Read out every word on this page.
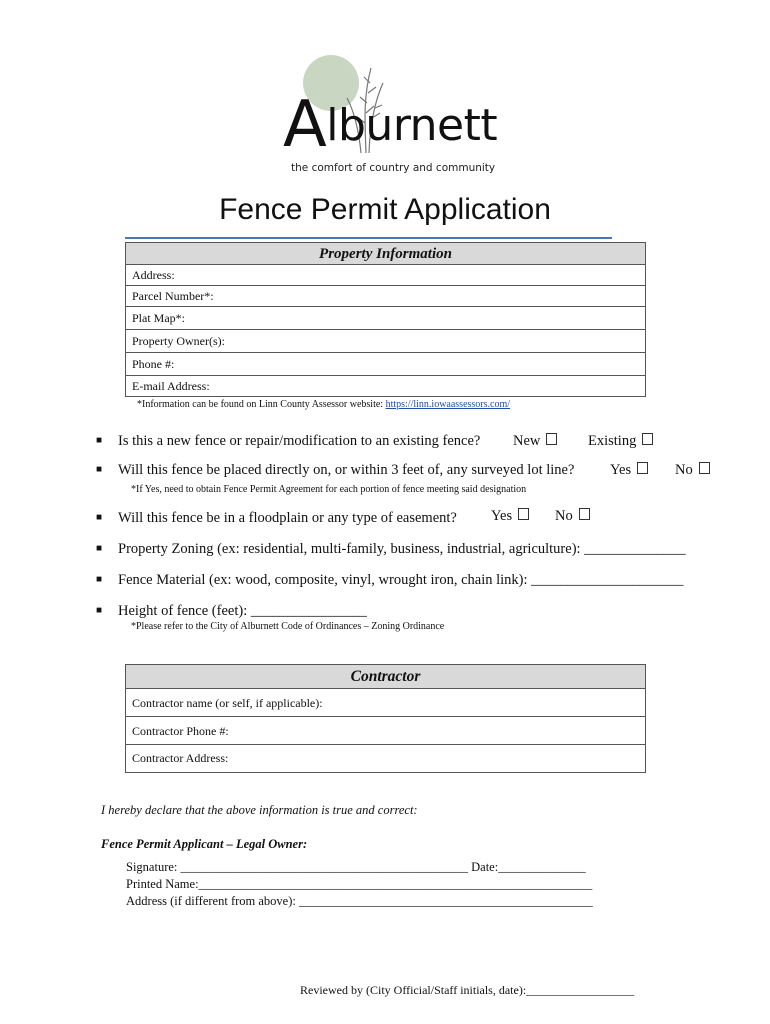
Alburnett
the comfort of country and community
Fence Permit Application
Property Information
Address:
Parcel Number*:
Plat Map*:
Property Owner(s):
Phone #:
E-mail Address:
*Information can be found on Linn County Assessor website: https://linn.iowaassessors.com/
■ Is this a new fence or repair/modification to an existing fence? New	Existing
■ Will this fence be placed directly on, or within 3 feet of, any surveyed lot line? Yes	No
*If Yes, need to obtain Fence Permit Agreement for each portion of fence meeting said designation
■ Will this fence be in a floodplain or any type of easement? Yes	No
■ Property Zoning (ex: residential, multi-family, business, industrial, agriculture): ______________
■ Fence Material (ex: wood, composite, vinyl, wrought iron, chain link): _____________________
■ Height of fence (feet): ________________
*Please refer to the City of Alburnett Code of Ordinances – Zoning Ordinance
Contractor
Contractor name (or self, if applicable):
Contractor Phone #:
Contractor Address:
I hereby declare that the above information is true and correct:
Fence Permit Applicant – Legal Owner:
Signature: ______________________________________________ Date:______________
Printed Name:_______________________________________________________________
Address (if different from above): _______________________________________________
Reviewed by (City Official/Staff initials, date):__________________
